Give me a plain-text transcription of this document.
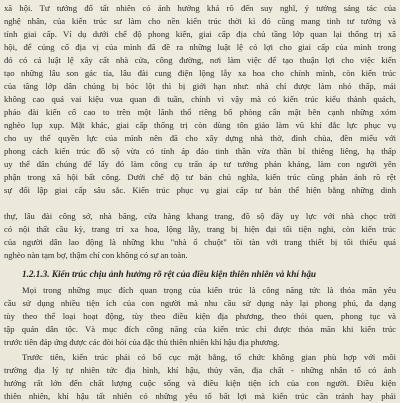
xã hội. Tư tưởng đố tất nhiên có ảnh hưởng khá rõ đến suy nghĩ, ý tưởng sáng tác của
nghệ nhân, của kiến trúc sư làm cho nền kiến trúc thời kì đó cũng mang tinh tư tưởng và
tính giai cấp. Ví dụ dưới chế độ phong kiến, giai cấp địa chủ tầng lớp quan lại thống trị xã
hội, để củng cố địa vị của mình đã đề ra những luật lệ có lợi cho giai cấp của mình trong
đó có cả luật lệ xây cất nhà cửa, công đường, nơi làm việc để tạo thuận lợi cho việc kiến
tạo những lâu son gác tía, lâu đài cung điện lộng lẫy xa hoa cho chính mình, còn kiến trúc
của tầng lớp dân chúng bị bóc lột thì bị giới hạn như: nhà chỉ được làm nhỏ thấp, mái
không cao quá vai kiệu vua quan đi tuần, chính vì vậy mà có kiến trúc kiểu thành quách,
pháo đài kiến cố cao to trên một lãnh thổ riêng bố phòng cẩn mật bên cạnh những xóm
nghèo lụp xụp. Mặt khác, giai cấp thống trị còn dùng tôn giáo làm vũ khí đắc lực phục vụ
cho uy thế quyền lực của mình nên đã cho xây dựng nhà thờ, đình chùa, đền miếu với
phong cách kiến trúc đồ sộ vừa có tính áp đảo tinh thần vừa thần bí thiêng liêng, hạ thấp
uy thế dân chúng để lấy đó làm công cụ trấn áp tư tưởng phản kháng, làm con người yên
phận trong xã hội bất công. Dưới chế độ tư bản chủ nghĩa, kiến trúc cũng phản ánh rõ rệt
sự đối lập giai cấp sâu sắc. Kiến trúc phục vụ giai cấp tư bản thể hiện bằng những dinh
thự, lâu đài công sở, nhà băng, cửa hàng khang trang, đồ sộ đầy uy lực với nhà chọc trời
có nội thất cầu kỳ, trang trí xa hoa, lộng lẫy, trang bị hiện đại tối tiện nghi, còn kiến trúc
của người dân lao động là những khu "nhà ổ chuột" tồi tàn với trang thiết bị tối thiểu quá
nghèo nàn tạm bợ, thậm chí con không có sự an toàn.
1.2.1.3. Kiến trúc chịu ảnh hưởng rõ rệt của điều kiện thiên nhiên và khí hậu
Mọi trong những mục đích quan trọng của kiến trúc là công năng tức là thỏa mãn yêu
cầu sử dụng nhiều tiện ích của con người mà nhu cầu sử dụng này lại phong phú, đa dạng
tùy theo thể loại hoạt động, tùy theo điều kiện địa phương, theo thói quen, phong tục và
tập quán dân tộc. Và mục đích công năng của kiến trúc chỉ được thỏa mãn khi kiến trúc
trước tiên đáp ứng được các đòi hỏi của đặc thù thiên nhiên khí hậu địa phương.
Trước tiên, kiến trúc phải có bố cục mặt bằng, tổ chức không gian phù hợp với môi
trường địa lý tự nhiên tức địa hình, khí hậu, thủy văn, địa chất - những nhân tố có ảnh
hưởng rất lớn đến chất lượng cuộc sống và điều kiện tiện ích của con người. Điều kiện
thiên nhiên, khí hậu tất nhiên có những yêu tố bất lợi mà kiến trúc cần tránh hay phải
